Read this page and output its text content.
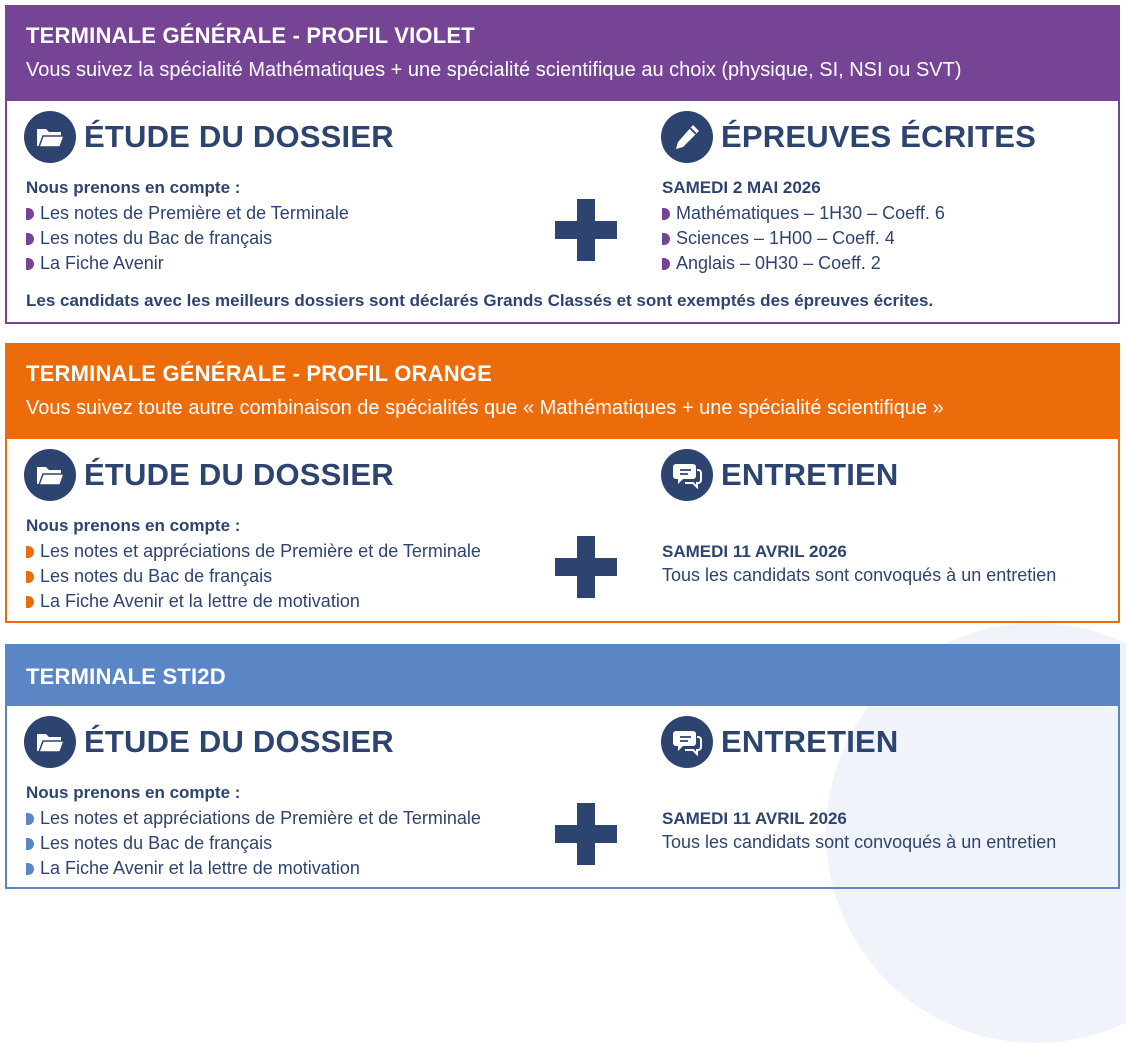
TERMINALE GÉNÉRALE - PROFIL VIOLET

Vous suivez la spécialité Mathématiques + une spécialité scientifique au choix (physique, SI, NSI ou SVT)

ÉTUDE DU DOSSIER
Nous prenons en compte :
Les notes de Première et de Terminale
Les notes du Bac de français
La Fiche Avenir
ÉPREUVES ÉCRITES
SAMEDI 2 MAI 2026
Mathématiques – 1H30 – Coeff. 6
Sciences – 1H00 – Coeff. 4
Anglais – 0H30 – Coeff. 2
Les candidats avec les meilleurs dossiers sont déclarés Grands Classés et sont exemptés des épreuves écrites.
TERMINALE GÉNÉRALE - PROFIL ORANGE

Vous suivez toute autre combinaison de spécialités que « Mathématiques + une spécialité scientifique »

ÉTUDE DU DOSSIER
Nous prenons en compte :
Les notes et appréciations de Première et de Terminale
Les notes du Bac de français
La Fiche Avenir et la lettre de motivation
ENTRETIEN
SAMEDI 11 AVRIL 2026
Tous les candidats sont convoqués à un entretien
TERMINALE STI2D
ÉTUDE DU DOSSIER
Nous prenons en compte :
Les notes et appréciations de Première et de Terminale
Les notes du Bac de français
La Fiche Avenir et la lettre de motivation
ENTRETIEN
SAMEDI 11 AVRIL 2026
Tous les candidats sont convoqués à un entretien
